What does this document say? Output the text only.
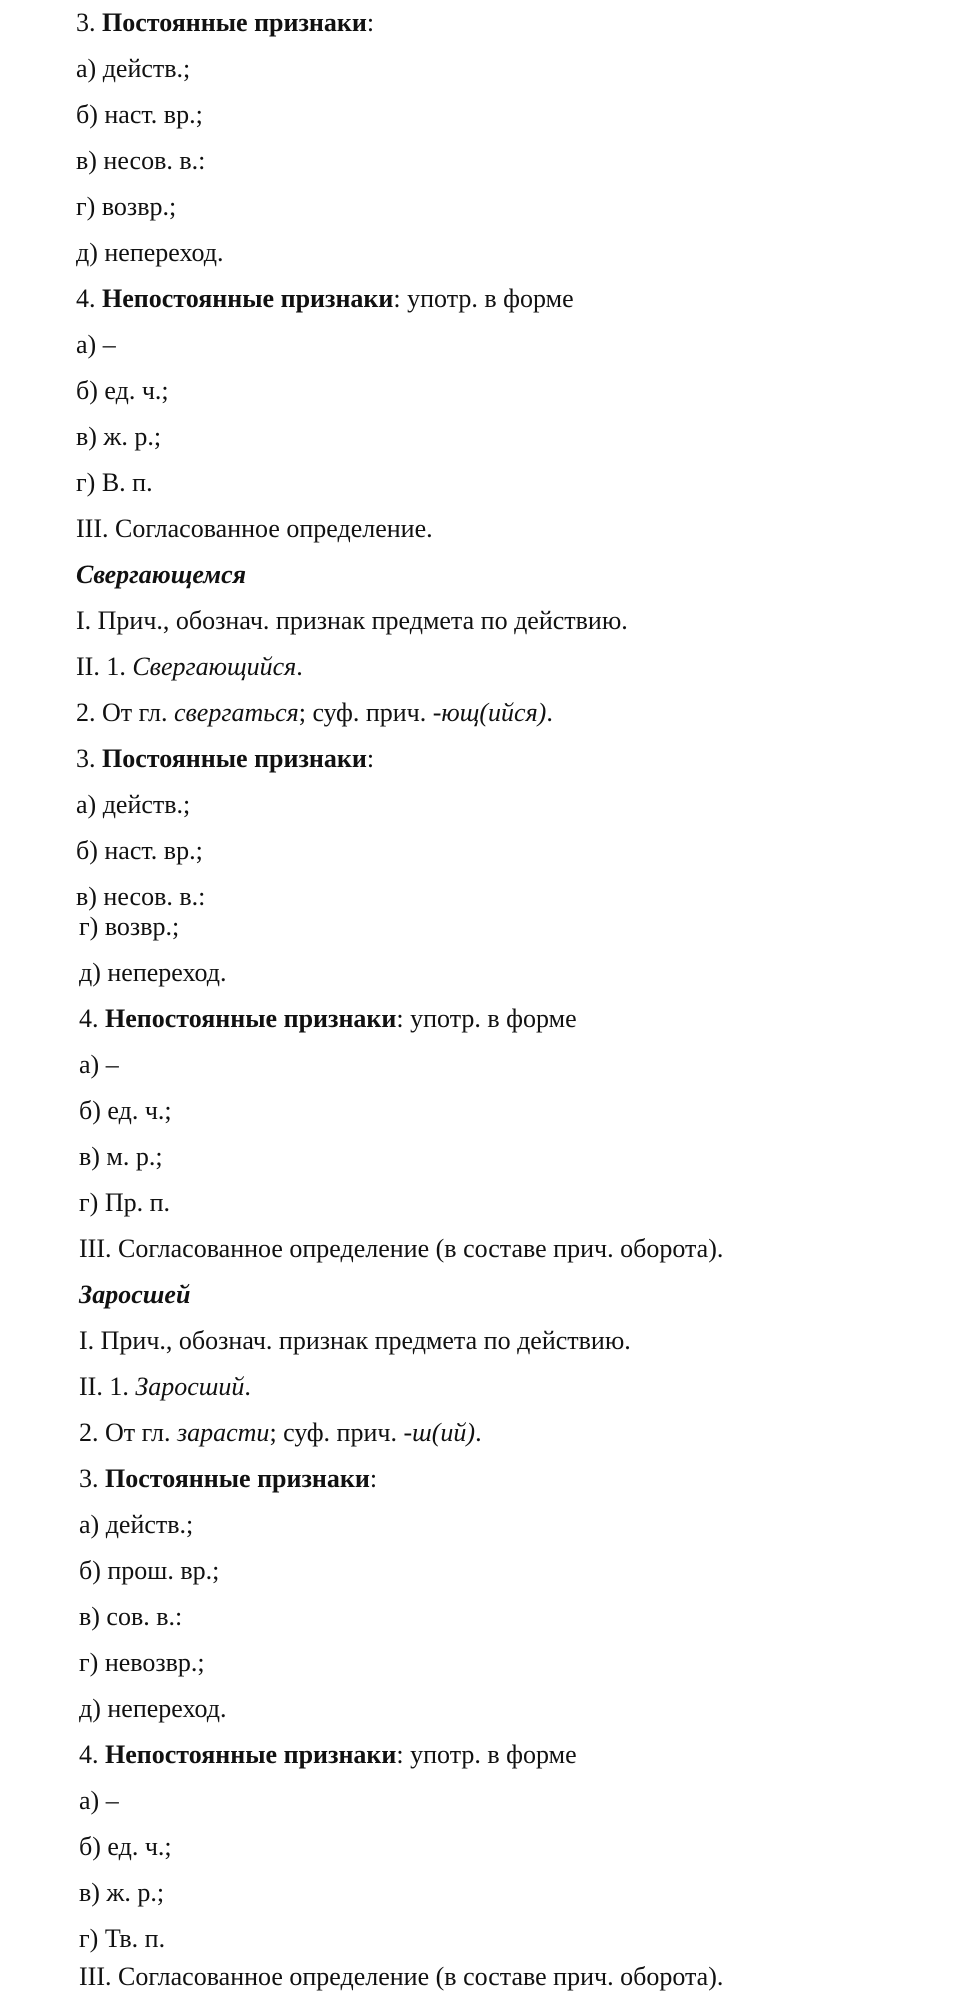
3. Постоянные признаки:
а) действ.;
б) наст. вр.;
в) несов. в.:
г) возвр.;
д) непереход.
4. Непостоянные признаки: употр. в форме
а) –
б) ед. ч.;
в) ж. р.;
г) В. п.
III. Согласованное определение.
Свергающемся
I. Прич., обознач. признак предмета по действию.
II. 1. Свергающийся.
2. От гл. свергаться; суф. прич. -ющ(ийся).
3. Постоянные признаки:
а) действ.;
б) наст. вр.;
в) несов. в.:
г) возвр.;
д) непереход.
4. Непостоянные признаки: употр. в форме
а) –
б) ед. ч.;
в) м. р.;
г) Пр. п.
III. Согласованное определение (в составе прич. оборота).
Заросшей
I. Прич., обознач. признак предмета по действию.
II. 1. Заросший.
2. От гл. зарасти; суф. прич. -ш(ий).
3. Постоянные признаки:
а) действ.;
б) прош. вр.;
в) сов. в.:
г) невозвр.;
д) непереход.
4. Непостоянные признаки: употр. в форме
а) –
б) ед. ч.;
в) ж. р.;
г) Тв. п.
III. Согласованное определение (в составе прич. оборота).
